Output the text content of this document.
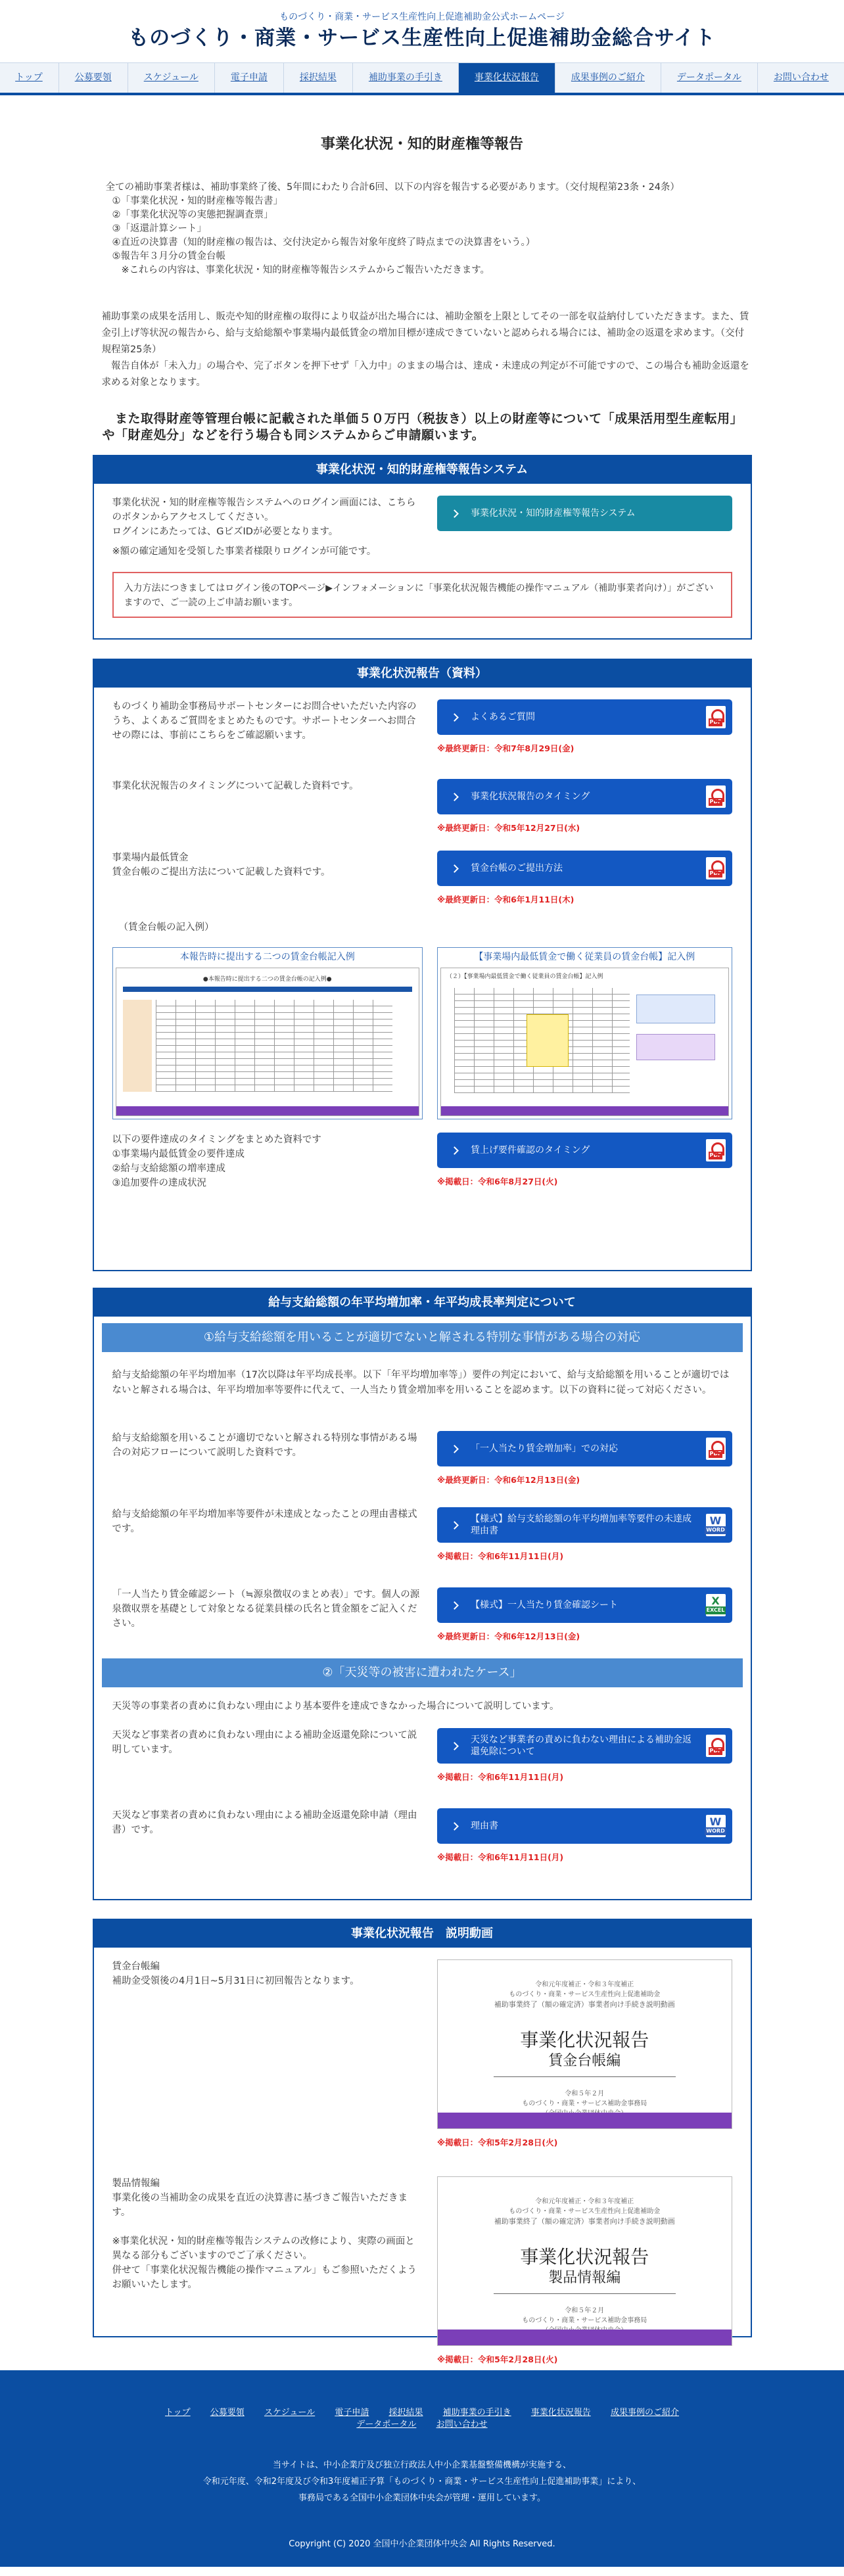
ものづくり・商業・サービス生産性向上促進補助金公式ホームページ
ものづくり・商業・サービス生産性向上促進補助金総合サイト
トップ	公募要領	スケジュール	電子申請	採択結果	補助事業の手引き	事業化状況報告	成果事例のご紹介	データポータル	お問い合わせ
事業化状況・知的財産権等報告

全ての補助事業者様は、補助事業終了後、5年間にわたり合計6回、以下の内容を報告する必要があります。（交付規程第23条・24条）

①「事業化状況・知的財産権等報告書」

②「事業化状況等の実態把握調査票」

③「返還計算シート」

④直近の決算書（知的財産権の報告は、交付決定から報告対象年度終了時点までの決算書をいう。）

⑤報告年３月分の賃金台帳

※これらの内容は、事業化状況・知的財産権等報告システムからご報告いただきます。

補助事業の成果を活用し、販売や知的財産権の取得により収益が出た場合には、補助金額を上限としてその一部を収益納付していただきます。また、賃金引上げ等状況の報告から、給与支給総額や事業場内最低賃金の増加目標が達成できていないと認められる場合には、補助金の返還を求めます。（交付規程第25条）
　報告自体が「未入力」の場合や、完了ボタンを押下せず「入力中」のままの場合は、達成・未達成の判定が不可能ですので、この場合も補助金返還を求める対象となります。
　また取得財産等管理台帳に記載された単価５０万円（税抜き）以上の財産等について「成果活用型生産転用」や「財産処分」などを行う場合も同システムからご申請願います。
事業化状況・知的財産権等報告システム

事業化状況・知的財産権等報告システムへのログイン画面には、こちらのボタンからアクセスしてください。

ログインにあたっては、GビズIDが必要となります。

※額の確定通知を受領した事業者様限りログインが可能です。

事業化状況・知的財産権等報告システム
入力方法につきましてはログイン後のTOPページ▶インフォメーションに「事業化状況報告機能の操作マニュアル（補助事業者向け）」がございますので、ご一読の上ご申請お願います。
事業化状況報告（資料）
ものづくり補助金事務局サポートセンターにお問合せいただいた内容のうち、よくあるご質問をまとめたものです。サポートセンターへお問合せの際には、事前にこちらをご確認願います。
よくあるご質問	PDF
※最終更新日：令和7年8月29日(金)
事業化状況報告のタイミングについて記載した資料です。
事業化状況報告のタイミング	PDF
※最終更新日：令和5年12月27日(水)
事業場内最低賃金
賃金台帳のご提出方法について記載した資料です。	賃金台帳のご提出方法	PDF
※最終更新日：令和6年1月11日(木)
（賃金台帳の記入例）
本報告時に提出する二つの賃金台帳記入例
●本報告時に提出する二つの賃金台帳の記入例●
【事業場内最低賃金で働く従業員の賃金台帳】記入例
（２）【事業場内最低賃金で働く従業員の賃金台帳】記入例
以下の要件達成のタイミングをまとめた資料です
①事業場内最低賃金の要件達成
②給与支給総額の増率達成
③追加要件の達成状況
賃上げ要件確認のタイミング	PDF
※掲載日：令和6年8月27日(火)
給与支給総額の年平均増加率・年平均成長率判定について
①給与支給総額を用いることが適切でないと解される特別な事情がある場合の対応
給与支給総額の年平均増加率（17次以降は年平均成長率。以下「年平均増加率等」）要件の判定において、給与支給総額を用いることが適切ではないと解される場合は、年平均増加率等要件に代えて、一人当たり賃金増加率を用いることを認めます。以下の資料に従って対応ください。
給与支給総額を用いることが適切でないと解される特別な事情がある場合の対応フローについて説明した資料です。	「一人当たり賃金増加率」での対応	PDF
※最終更新日：令和6年12月13日(金)
給与支給総額の年平均増加率等要件が未達成となったことの理由書様式です。
【様式】給与支給総額の年平均増加率等要件の未達成理由書	W WORD
※掲載日：令和6年11月11日(月)
「一人当たり賃金確認シート（≒源泉徴収のまとめ表）」です。個人の源泉徴収票を基礎として対象となる従業員様の氏名と賃金額をご記入ください。
【様式】一人当たり賃金確認シート	X EXCEL
※最終更新日：令和6年12月13日(金)
②「天災等の被害に遭われたケース」
天災等の事業者の責めに負わない理由により基本要件を達成できなかった場合について説明しています。
天災など事業者の責めに負わない理由による補助金返還免除について説明しています。
天災など事業者の責めに負わない理由による補助金返還免除について	PDF
※掲載日：令和6年11月11日(月)
天災など事業者の責めに負わない理由による補助金返還免除申請（理由書）です。	理由書	W WORD
※掲載日：令和6年11月11日(月)
事業化状況報告　説明動画
賃金台帳編
補助金受領後の4月1日~5月31日に初回報告となります。	令和元年度補正・令和３年度補正
ものづくり・商業・サービス生産性向上促進補助金
補助事業終了（額の確定済）事業者向け手続き説明動画
事業化状況報告
賃金台帳編
令和５年２月
ものづくり・商業・サービス補助金事務局
※掲載日：令和5年2月28日(火)
製品情報編
事業化後の当補助金の成果を直近の決算書に基づきご報告いただきます。

※事業化状況・知的財産権等報告システムの改修により、実際の画面と異なる部分もございますのでご了承ください。
併せて「事業化状況報告機能の操作マニュアル」もご参照いただくようお願いいたします。
令和元年度補正・令和３年度補正
ものづくり・商業・サービス生産性向上促進補助金
補助事業終了（額の確定済）事業者向け手続き説明動画
事業化状況報告
製品情報編
令和５年２月
ものづくり・商業・サービス補助金事務局
※掲載日：令和5年2月28日(火)
トップ 公募要領 スケジュール 電子申請 採択結果 補助事業の手引き 事業化状況報告 成果事例のご紹介
データポータル お問い合わせ
当サイトは、中小企業庁及び独立行政法人中小企業基盤整備機構が実施する、
令和元年度、令和2年度及び令和3年度補正予算「ものづくり・商業・サービス生産性向上促進補助事業」により、
事務局である全国中小企業団体中央会が管理・運用しています。
Copyright (C) 2020 全国中小企業団体中央会 All Rights Reserved.
